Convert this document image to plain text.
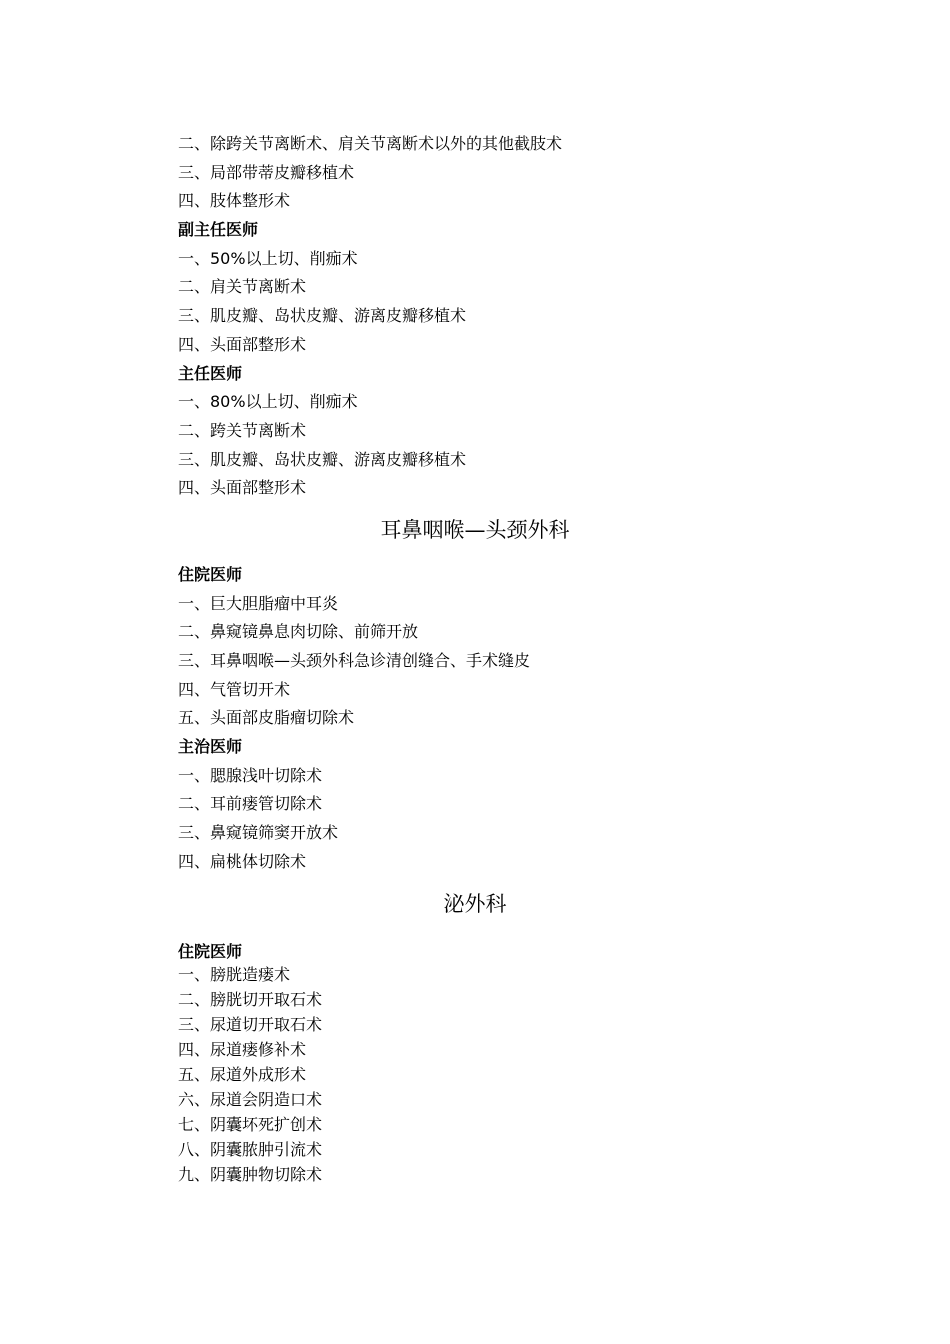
二、除跨关节离断术、肩关节离断术以外的其他截肢术
三、局部带蒂皮瓣移植术
四、肢体整形术
副主任医师
一、50%以上切、削痂术
二、肩关节离断术
三、肌皮瓣、岛状皮瓣、游离皮瓣移植术
四、头面部整形术
主任医师
一、80%以上切、削痂术
二、跨关节离断术
三、肌皮瓣、岛状皮瓣、游离皮瓣移植术
四、头面部整形术
耳鼻咽喉—头颈外科
住院医师
一、巨大胆脂瘤中耳炎
二、鼻窥镜鼻息肉切除、前筛开放
三、耳鼻咽喉—头颈外科急诊清创缝合、手术缝皮
四、气管切开术
五、头面部皮脂瘤切除术
主治医师
一、腮腺浅叶切除术
二、耳前瘘管切除术
三、鼻窥镜筛窦开放术
四、扁桃体切除术
泌外科
住院医师
一、膀胱造瘘术
二、膀胱切开取石术
三、尿道切开取石术
四、尿道瘘修补术
五、尿道外成形术
六、尿道会阴造口术
七、阴囊坏死扩创术
八、阴囊脓肿引流术
九、阴囊肿物切除术
